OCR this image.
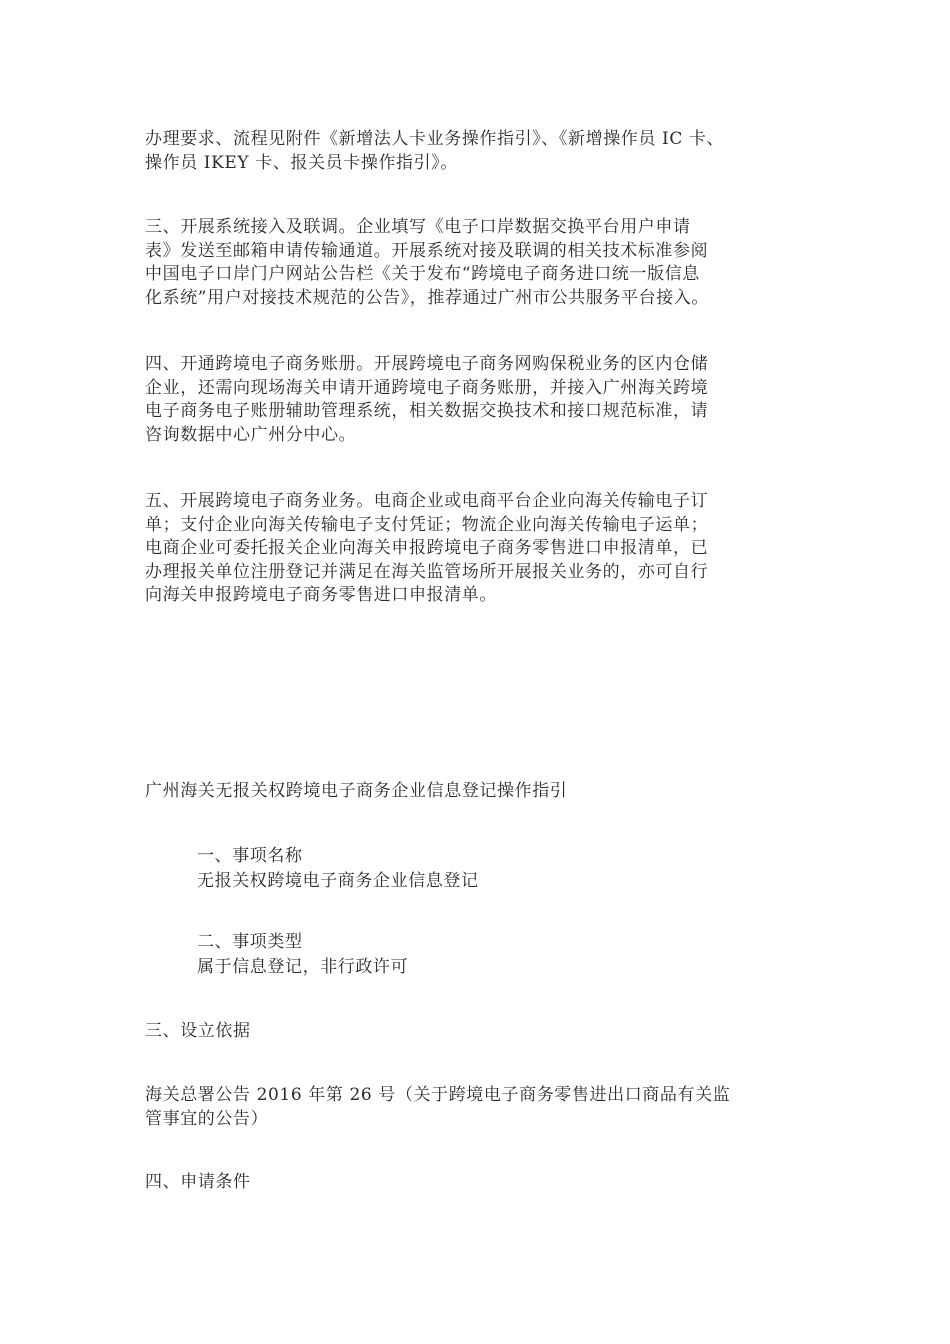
办理要求、流程见附件《新增法人卡业务操作指引》、《新增操作员 IC 卡、
操作员 IKEY 卡、报关员卡操作指引》。
三、开展系统接入及联调。企业填写《电子口岸数据交换平台用户申请
表》发送至邮箱申请传输通道。开展系统对接及联调的相关技术标准参阅
中国电子口岸门户网站公告栏《关于发布“跨境电子商务进口统一版信息
化系统”用户对接技术规范的公告》，推荐通过广州市公共服务平台接入。
四、开通跨境电子商务账册。开展跨境电子商务网购保税业务的区内仓储
企业，还需向现场海关申请开通跨境电子商务账册，并接入广州海关跨境
电子商务电子账册辅助管理系统，相关数据交换技术和接口规范标准，请
咨询数据中心广州分中心。
五、开展跨境电子商务业务。电商企业或电商平台企业向海关传输电子订
单；支付企业向海关传输电子支付凭证；物流企业向海关传输电子运单；
电商企业可委托报关企业向海关申报跨境电子商务零售进口申报清单，已
办理报关单位注册登记并满足在海关监管场所开展报关业务的，亦可自行
向海关申报跨境电子商务零售进口申报清单。
广州海关无报关权跨境电子商务企业信息登记操作指引
一、事项名称
无报关权跨境电子商务企业信息登记
二、事项类型
属于信息登记，非行政许可
三、设立依据
海关总署公告 2016 年第 26 号（关于跨境电子商务零售进出口商品有关监
管事宜的公告）
四、申请条件
